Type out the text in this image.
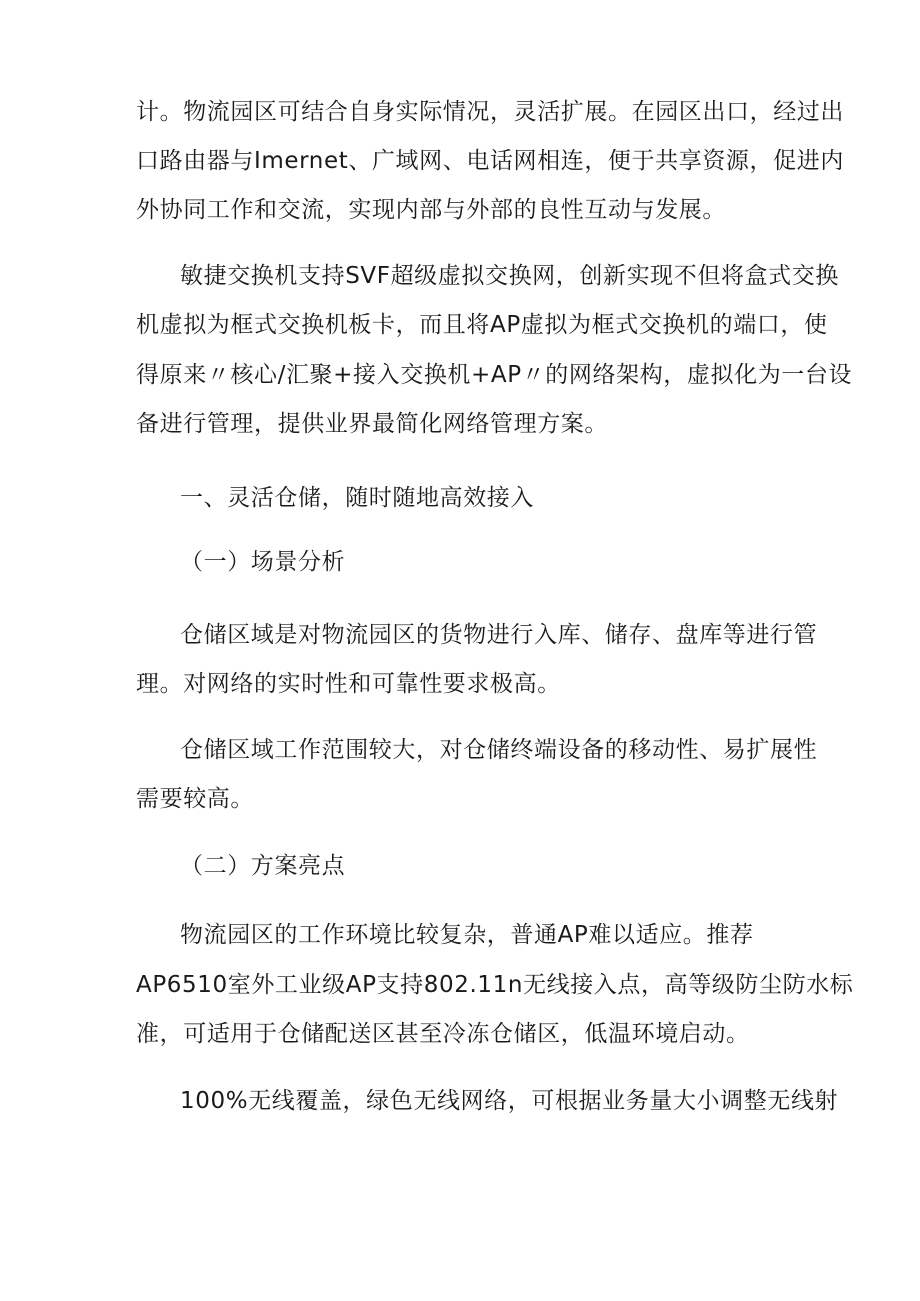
计。物流园区可结合自身实际情况，灵活扩展。在园区出口，经过出
口路由器与Imernet、广域网、电话网相连，便于共享资源，促进内
外协同工作和交流，实现内部与外部的良性互动与发展。
敏捷交换机支持SVF超级虚拟交换网，创新实现不但将盒式交换
机虚拟为框式交换机板卡，而且将AP虚拟为框式交换机的端口，使
得原来〃核心/汇聚+接入交换机+AP〃的网络架构，虚拟化为一台设
备进行管理，提供业界最简化网络管理方案。
一、灵活仓储，随时随地高效接入
（一）场景分析
仓储区域是对物流园区的货物进行入库、储存、盘库等进行管
理。对网络的实时性和可靠性要求极高。
仓储区域工作范围较大，对仓储终端设备的移动性、易扩展性
需要较高。
（二）方案亮点
物流园区的工作环境比较复杂，普通AP难以适应。推荐
AP6510室外工业级AP支持802.11n无线接入点，高等级防尘防水标
准，可适用于仓储配送区甚至冷冻仓储区，低温环境启动。
100%无线覆盖，绿色无线网络，可根据业务量大小调整无线射
